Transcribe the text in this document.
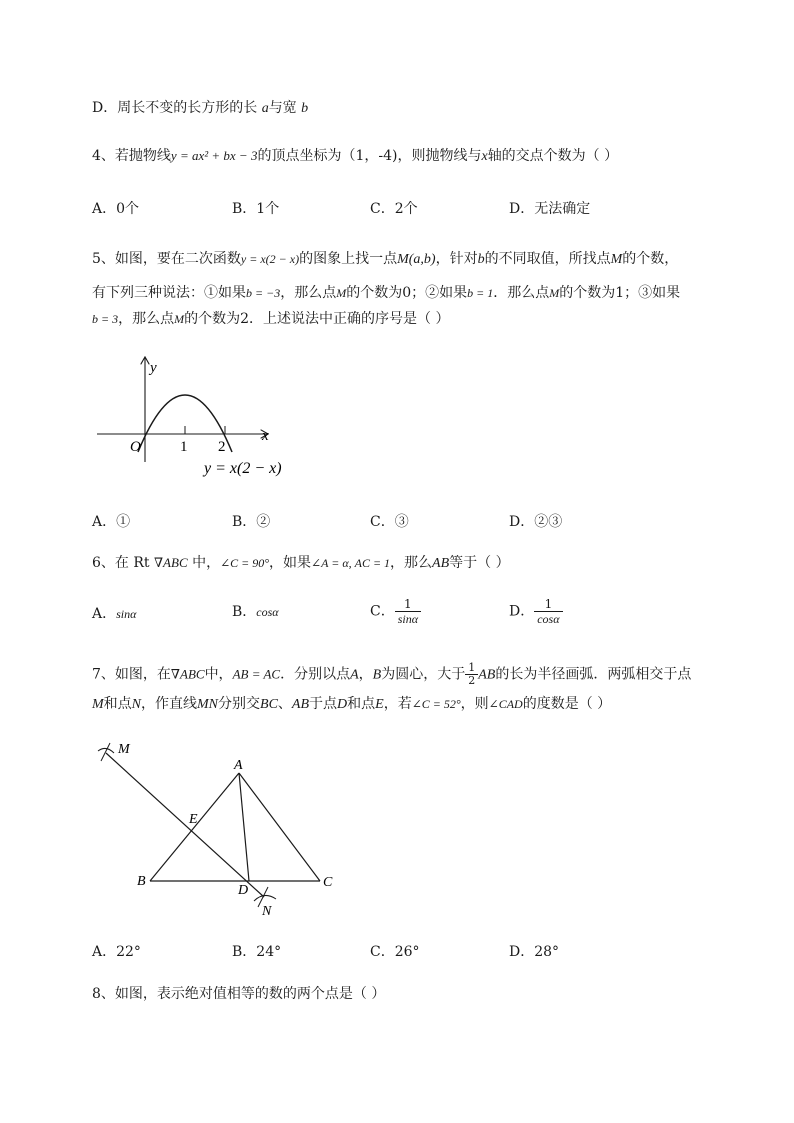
D．周长不变的长方形的长 a与宽 b
4、若抛物线y = ax² + bx − 3的顶点坐标为（1，-4)，则抛物线与x轴的交点个数为（ ）
A．0个	B．1个	C．2个	D．无法确定
5、如图，要在二次函数y = x(2 − x)的图象上找一点M(a,b)，针对b的不同取值，所找点M的个数，
有下列三种说法：①如果b = −3，那么点M的个数为0；②如果b = 1．那么点M的个数为1；③如果
b = 3，那么点M的个数为2．上述说法中正确的序号是（ ）
y
x
O	1 2
y = x(2 − x)
A．①	B．②	C．③	D．②③
6、在 Rt ∇ABC 中，∠C = 90°，如果∠A = α, AC = 1，那么AB等于（ ）
A．sinα	B．cosα	C． $\frac{1}{\sin\alpha}$	D． $\frac{1}{\cos\alpha}$
7、如图，在∇ABC中，AB = AC．分别以点A，B为圆心，大于 $\frac{1}{2}$ AB的长为半径画弧．两弧相交于点
M和点N，作直线MN分别交BC、AB于点D和点E，若∠C = 52°，则∠CAD的度数是（ ）
M
A
E
B
D
C
N
A．22°	B．24°	C．26°	D．28°
8、如图，表示绝对值相等的数的两个点是（ ）
